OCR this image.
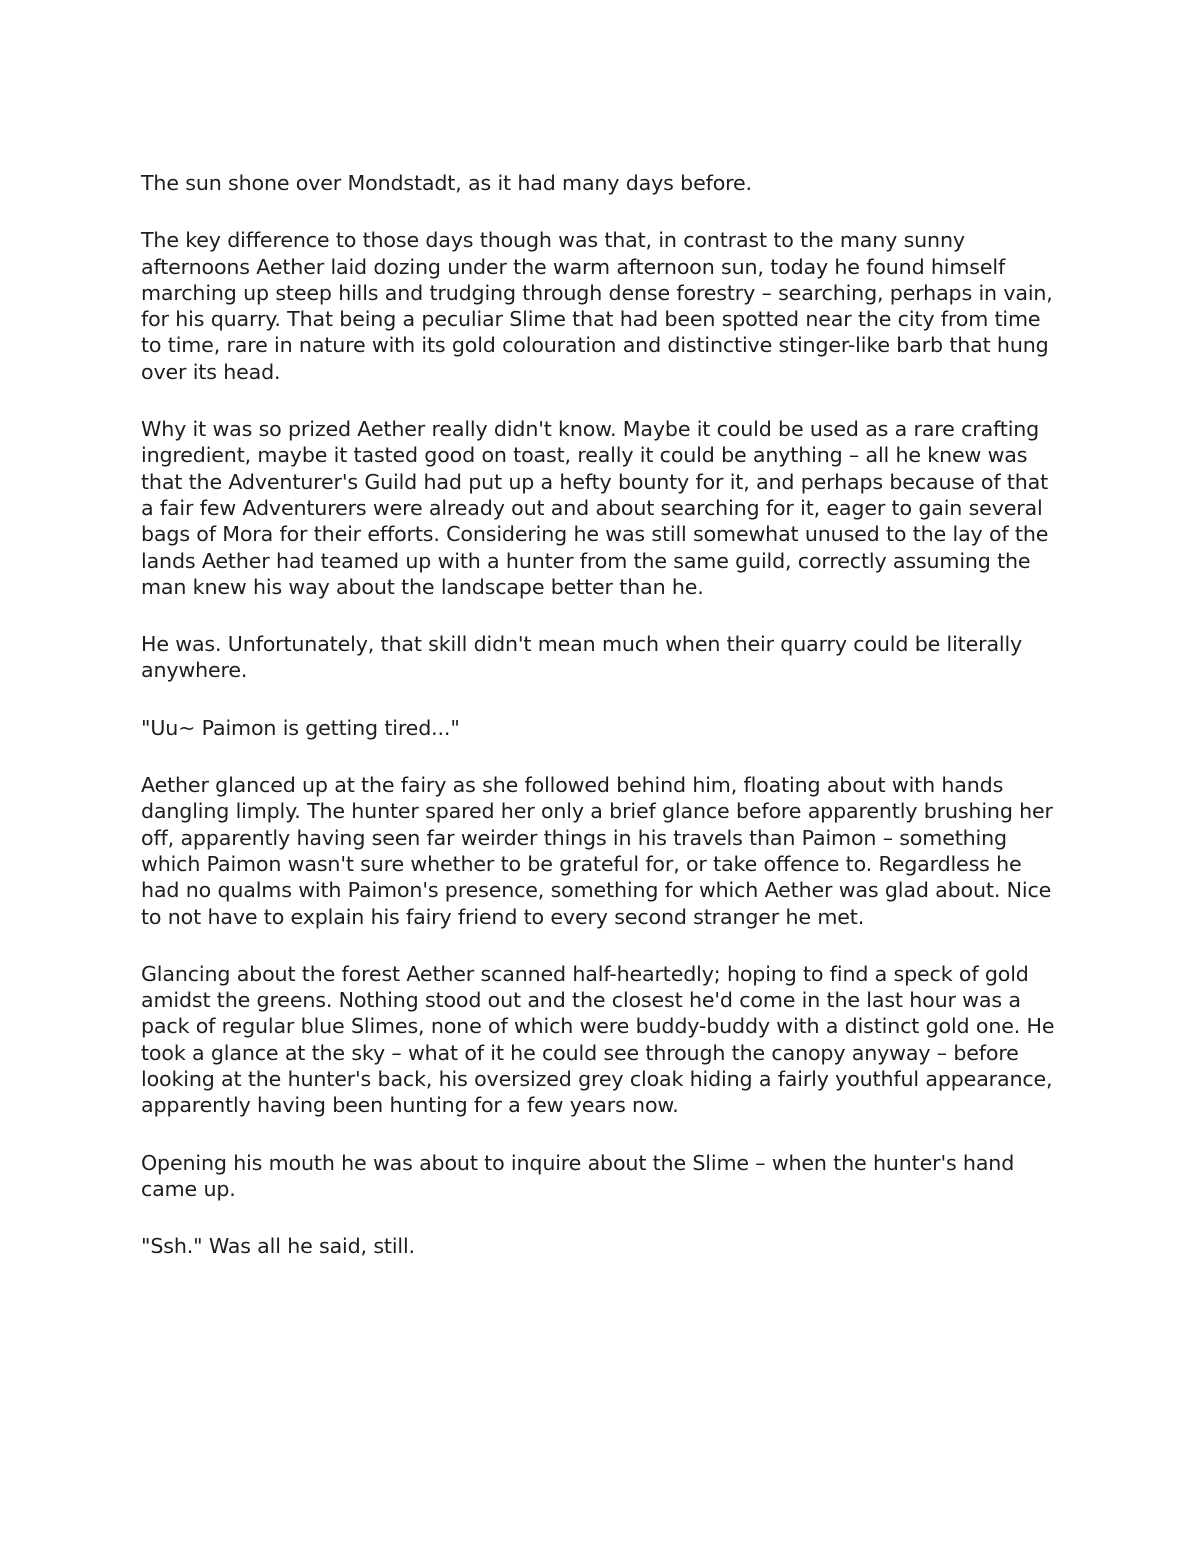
The sun shone over Mondstadt, as it had many days before.

The key difference to those days though was that, in contrast to the many sunny afternoons Aether laid dozing under the warm afternoon sun, today he found himself marching up steep hills and trudging through dense forestry – searching, perhaps in vain, for his quarry. That being a peculiar Slime that had been spotted near the city from time to time, rare in nature with its gold colouration and distinctive stinger-like barb that hung over its head.

Why it was so prized Aether really didn't know. Maybe it could be used as a rare crafting ingredient, maybe it tasted good on toast, really it could be anything – all he knew was that the Adventurer's Guild had put up a hefty bounty for it, and perhaps because of that a fair few Adventurers were already out and about searching for it, eager to gain several bags of Mora for their efforts. Considering he was still somewhat unused to the lay of the lands Aether had teamed up with a hunter from the same guild, correctly assuming the man knew his way about the landscape better than he.

He was. Unfortunately, that skill didn't mean much when their quarry could be literally anywhere.

"Uu~ Paimon is getting tired..."

Aether glanced up at the fairy as she followed behind him, floating about with hands dangling limply. The hunter spared her only a brief glance before apparently brushing her off, apparently having seen far weirder things in his travels than Paimon – something which Paimon wasn't sure whether to be grateful for, or take offence to. Regardless he had no qualms with Paimon's presence, something for which Aether was glad about. Nice to not have to explain his fairy friend to every second stranger he met.

Glancing about the forest Aether scanned half-heartedly; hoping to find a speck of gold amidst the greens. Nothing stood out and the closest he'd come in the last hour was a pack of regular blue Slimes, none of which were buddy-buddy with a distinct gold one. He took a glance at the sky – what of it he could see through the canopy anyway – before looking at the hunter's back, his oversized grey cloak hiding a fairly youthful appearance, apparently having been hunting for a few years now.

Opening his mouth he was about to inquire about the Slime – when the hunter's hand came up.

"Ssh." Was all he said, still.
